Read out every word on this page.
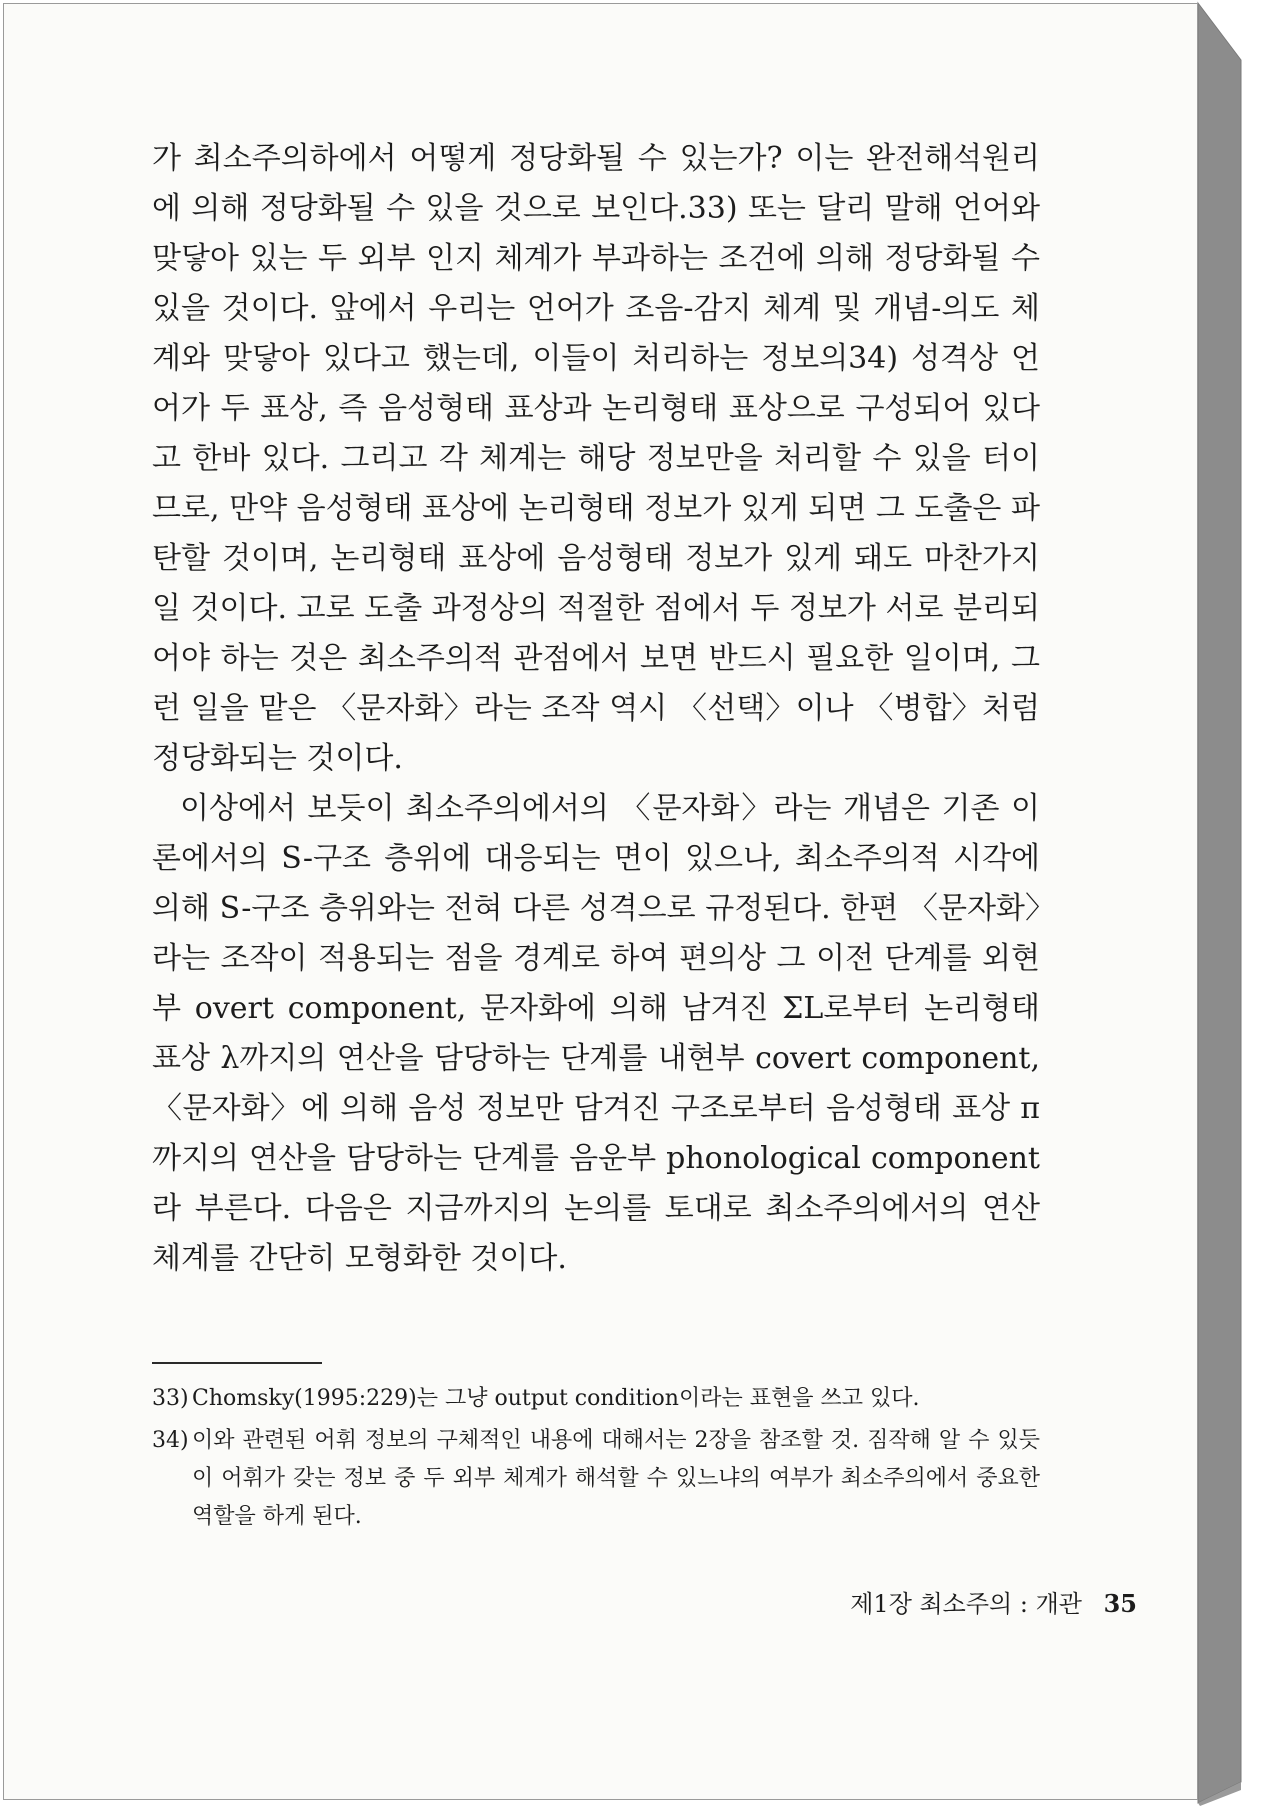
가 최소주의하에서 어떻게 정당화될 수 있는가? 이는 완전해석원리에 의해 정당화될 수 있을 것으로 보인다.33) 또는 달리 말해 언어와 맞닿아 있는 두 외부 인지 체계가 부과하는 조건에 의해 정당화될 수 있을 것이다. 앞에서 우리는 언어가 조음-감지 체계 및 개념-의도 체계와 맞닿아 있다고 했는데, 이들이 처리하는 정보의34) 성격상 언어가 두 표상, 즉 음성형태 표상과 논리형태 표상으로 구성되어 있다고 한바 있다. 그리고 각 체계는 해당 정보만을 처리할 수 있을 터이므로, 만약 음성형태 표상에 논리형태 정보가 있게 되면 그 도출은 파탄할 것이며, 논리형태 표상에 음성형태 정보가 있게 돼도 마찬가지일 것이다. 고로 도출 과정상의 적절한 점에서 두 정보가 서로 분리되어야 하는 것은 최소주의적 관점에서 보면 반드시 필요한 일이며, 그런 일을 맡은 〈문자화〉라는 조작 역시 〈선택〉이나 〈병합〉처럼 정당화되는 것이다.

이상에서 보듯이 최소주의에서의 〈문자화〉라는 개념은 기존 이론에서의 S-구조 층위에 대응되는 면이 있으나, 최소주의적 시각에 의해 S-구조 층위와는 전혀 다른 성격으로 규정된다. 한편 〈문자화〉라는 조작이 적용되는 점을 경계로 하여 편의상 그 이전 단계를 외현부 overt component, 문자화에 의해 남겨진 ΣL로부터 논리형태 표상 λ까지의 연산을 담당하는 단계를 내현부 covert component, 〈문자화〉에 의해 음성 정보만 담겨진 구조로부터 음성형태 표상 π까지의 연산을 담당하는 단계를 음운부 phonological component라 부른다. 다음은 지금까지의 논의를 토대로 최소주의에서의 연산 체계를 간단히 모형화한 것이다.

33) Chomsky(1995:229)는 그냥 output condition이라는 표현을 쓰고 있다.
34) 이와 관련된 어휘 정보의 구체적인 내용에 대해서는 2장을 참조할 것. 짐작해 알 수 있듯이 어휘가 갖는 정보 중 두 외부 체계가 해석할 수 있느냐의 여부가 최소주의에서 중요한 역할을 하게 된다.
제1장 최소주의 : 개관 35
